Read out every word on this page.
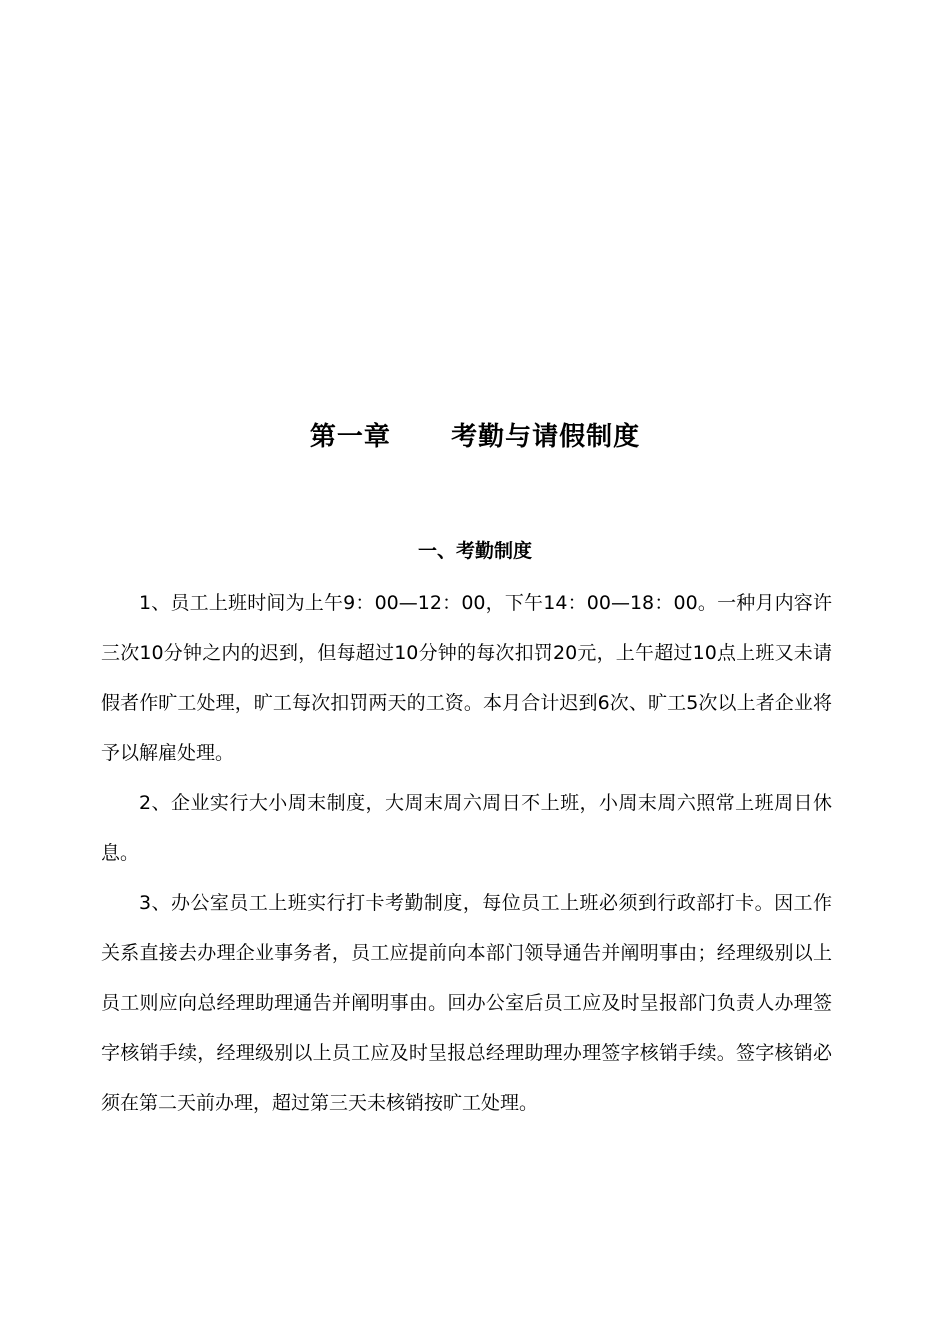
第一章      考勤与请假制度
一、考勤制度

1、员工上班时间为上午9：00—12：00，下午14：00—18：00。一种月内容许三次10分钟之内的迟到，但每超过10分钟的每次扣罚20元，上午超过10点上班又未请假者作旷工处理，旷工每次扣罚两天的工资。本月合计迟到6次、旷工5次以上者企业将予以解雇处理。

2、企业实行大小周末制度，大周末周六周日不上班，小周末周六照常上班周日休息。

3、办公室员工上班实行打卡考勤制度，每位员工上班必须到行政部打卡。因工作关系直接去办理企业事务者，员工应提前向本部门领导通告并阐明事由；经理级别以上员工则应向总经理助理通告并阐明事由。回办公室后员工应及时呈报部门负责人办理签字核销手续，经理级别以上员工应及时呈报总经理助理办理签字核销手续。签字核销必须在第二天前办理，超过第三天未核销按旷工处理。
